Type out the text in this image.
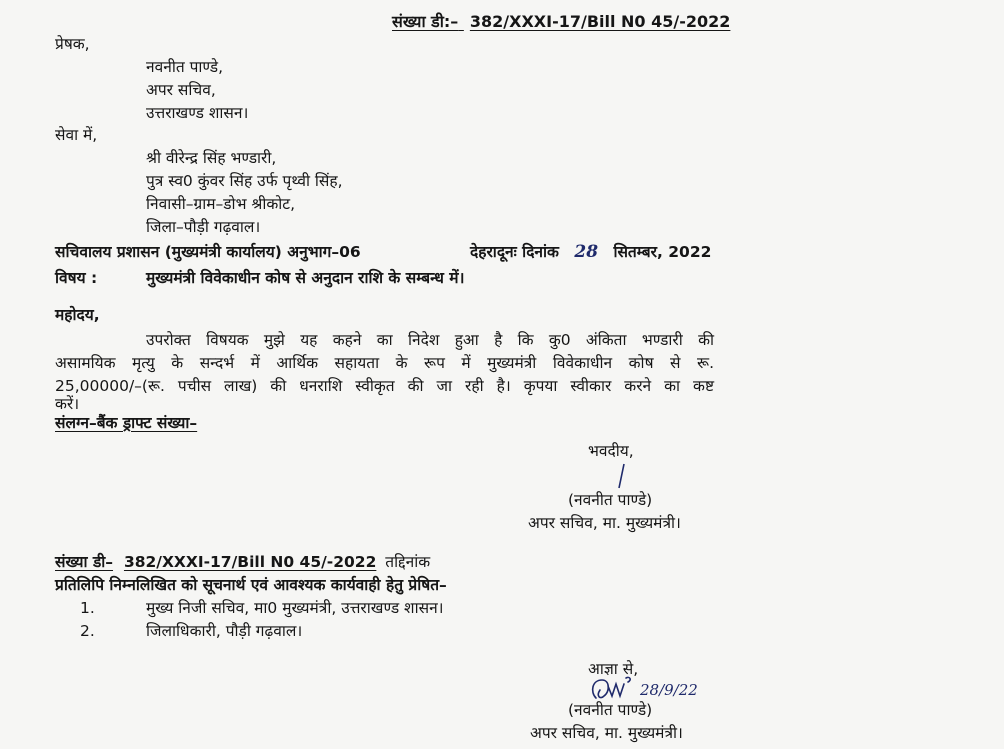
संख्या डी:– 382/XXXI-17/Bill N0 45/-2022
प्रेषक,
नवनीत पाण्डे,
अपर सचिव,
उत्तराखण्ड शासन।
सेवा में,
श्री वीरेन्द्र सिंह भण्डारी,
पुत्र स्व0 कुंवर सिंह उर्फ पृथ्वी सिंह,
निवासी–ग्राम–डोभ श्रीकोट,
जिला–पौड़ी गढ़वाल।
सचिवालय प्रशासन (मुख्यमंत्री कार्यालय) अनुभाग–06	देहरादूनः दिनांक 28 सितम्बर, 2022
विषय :	मुख्यमंत्री विवेकाधीन कोष से अनुदान राशि के सम्बन्ध में।
महोदय,
उपरोक्त विषयक मुझे यह कहने का निदेश हुआ है कि कु0 अंकिता भण्डारी की
असामयिक मृत्यु के सन्दर्भ में आर्थिक सहायता के रूप में मुख्यमंत्री विवेकाधीन कोष से रू.
25,00000/–(रू. पचीस लाख) की धनराशि स्वीकृत की जा रही है। कृपया स्वीकार करने का कष्ट
करें।
संलग्न–बैंक ड्राफ्ट संख्या–
भवदीय,
(नवनीत पाण्डे)
अपर सचिव, मा. मुख्यमंत्री।
संख्या डी– 382/XXXI-17/Bill N0 45/-2022 तद्दिनांक
प्रतिलिपि निम्नलिखित को सूचनार्थ एवं आवश्यक कार्यवाही हेतु प्रेषित–
1.	मुख्य निजी सचिव, मा0 मुख्यमंत्री, उत्तराखण्ड शासन।
2.	जिलाधिकारी, पौड़ी गढ़वाल।
आज्ञा से,
28/9/22
(नवनीत पाण्डे)
अपर सचिव, मा. मुख्यमंत्री।
